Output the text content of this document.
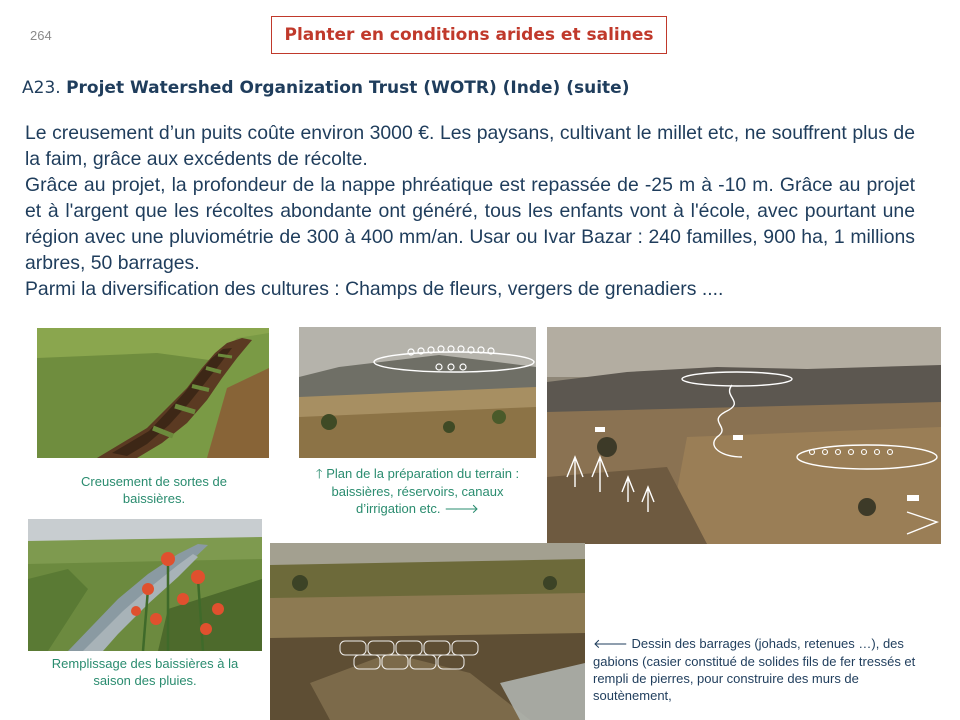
264	Planter en conditions arides et salines
A23. Projet Watershed Organization Trust (WOTR) (Inde) (suite)

Le creusement d’un puits coûte environ 3000 €. Les paysans, cultivant le millet etc, ne souffrent plus de la faim, grâce aux excédents de récolte.

Grâce au projet, la profondeur de la nappe phréatique est repassée de -25 m à -10 m. Grâce au projet et à l'argent que les récoltes abondante ont généré, tous les enfants vont à l'école, avec pourtant une région avec une pluviométrie de 300 à 400 mm/an. Usar ou Ivar Bazar : 240 familles, 900 ha, 1 millions arbres, 50 barrages.

Parmi la diversification des cultures : Champs de fleurs, vergers de grenadiers ....

Creusement de sortes de baissières.
🡑 Plan de la préparation du terrain : baissières, réservoirs, canaux d’irrigation etc. 🡒
Remplissage des baissières à la saison des pluies.
🡐 Dessin des barrages (johads, retenues …), des gabions (casier constitué de solides fils de fer tressés et rempli de pierres, pour construire des murs de soutènement,
